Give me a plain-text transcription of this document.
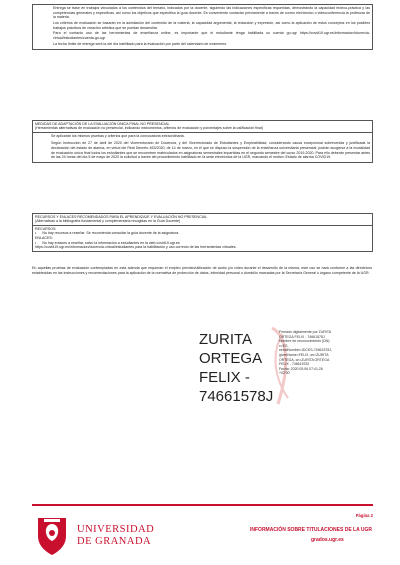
Entrega se base en trabajos vinculados a los contenidos del temario, indicados por la docente, siguiendo las indicaciones específicas requeridas, demostrando la capacidad teórico-práctica y las competencias generales y específicas, así como los objetivos que especifica la guía docente. Es conveniente contactar previamente a través de correo electrónico o videoconferencia la profesora de la materia.

Los criterios de evaluación se basarán en la asimilación del contenido de la materia, la capacidad argumental, la redacción y expresión, así como la aplicación de estos conceptos en los posibles trabajos prácticos de creación artística que se puedan desarrollar.

Para el contacto uso de las herramientas de enseñanza online, es importante que el estudiante tenga habilitada su cuenta go.ugr https://covid19.ugr.es/informacion/docencia-virtual/estudiantes/cuenta-go-ugr

La fecha límite de entrega será la del día habilitado para la evaluación por parte del calendario de exámenes.

MEDIDAS DE ADAPTACIÓN DE LA EVALUACIÓN ÚNICA FINAL NO PRESENCIAL
(Herramientas alternativas de evaluación no presencial, indicando instrumentos, criterios de evaluación y porcentajes sobre la calificación final)

Se aplicarán los mismos pruebas y criterios que para la convocatoria extraordinaria.

Según Instrucción de 27 de abril de 2020 del Vicerrectorado de Docencia, y del Vicerrectorado de Estudiantes y Empleabilidad, considerando causa excepcional sobrevenida y justificada la declaración del estado de alarma, en virtud del Real Decreto 463/2020, de 14 de marzo, en el que se dispuso la suspensión de la enseñanza universitaria presencial, podrán acogerse a la modalidad de evaluación única final todos los estudiantes que se encuentren matriculados en asignaturas semestrales impartidas en el segundo semestre del curso 2019-2020. Para ello deberán presentar antes de las 24 horas del día 5 de mayo de 2020 la solicitud a través del procedimiento habilitado en la sede electrónica de la UGR, marcando el motivo: Estado de alarma COVID19.

RECURSOS Y ENLACES RECOMENDADOS PARA EL APRENDIZAJE Y EVALUACIÓN NO PRESENCIAL
(Alternativas a la bibliografía fundamental y complementaria recogidas en la Guía Docente)
RECURSOS:
• No hay recursos a reseñar. Se recomienda consultar la guía docente de la asignatura.
ENLACES:
• No hay enlaces a reseñar, salvo la información a estudiantes en la web covid19.ugr.es
https://covid19.ugr.es/informacion/docencia-virtual/estudiantes para la habilitación y uso correcto de las herramientas virtuales.
En aquellas pruebas de evaluación contempladas en esta adenda que requieran el empleo previsto/utilización de audio y/o vídeo durante el desarrollo de la misma, este uso se hará conforme a las directrices establecidas en las instrucciones y recomendaciones para la aplicación de la normativa de protección de datos, intimidad personal o domicilio marcadas por la Secretaría General u órgano competente de la UGR.
ZURITA
ORTEGA
FELIX -
74661578J
Firmado digitalmente por ZURITA
ORTEGA FELIX - 74661578J
Nombre de reconocimiento (DN):
c=ES,
serialNumber=IDCES-74661578J,
givenName=FELIX, sn=ZURITA
ORTEGA, cn=ZURITA ORTEGA
FELIX - 74661578J
Fecha: 2020.05.06 07:41:26
+02'00'
Página 2
UNIVERSIDAD
DE GRANADA
INFORMACIÓN SOBRE TITULACIONES DE LA UGR
grados.ugr.es
